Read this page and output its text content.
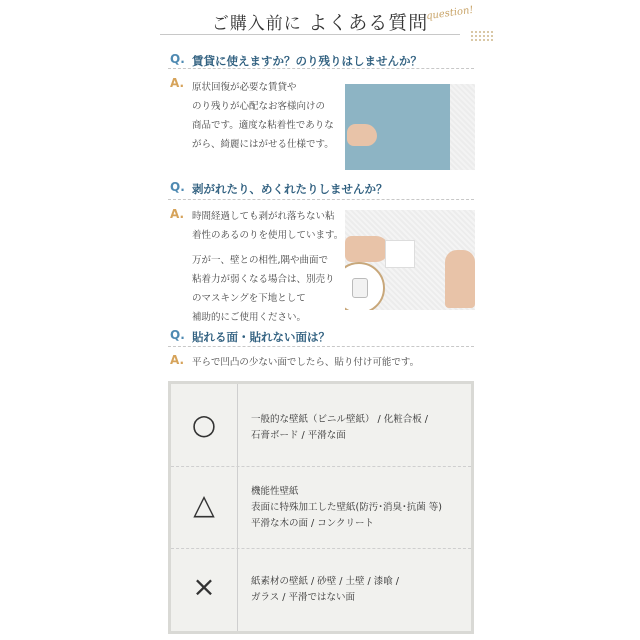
ご購入前に よくある質問
question!
Q. 賃貸に使えますか？のり残りはしませんか？
A. 原状回復が必要な賃貸や
のり残りが心配なお客様向けの
商品です。適度な粘着性でありな
がら、綺麗にはがせる仕様です。
Q. 剥がれたり、めくれたりしませんか？
A. 時間経過しても剥がれ落ちない粘
着性のあるのりを使用しています。
万が一、壁との相性,隅や曲面で
粘着力が弱くなる場合は、別売り
のマスキングを下地として
補助的にご使用ください。
Q. 貼れる面・貼れない面は？
A. 平らで凹凸の少ない面でしたら、貼り付け可能です。
○	一般的な壁紙（ビニル壁紙） / 化粧合板 /
石膏ボード / 平滑な面
△	機能性壁紙
表面に特殊加工した壁紙(防汚･消臭･抗菌 等)
平滑な木の面 / コンクリート
×	紙素材の壁紙 / 砂壁 / 土壁 / 漆喰 /
ガラス / 平滑ではない面
